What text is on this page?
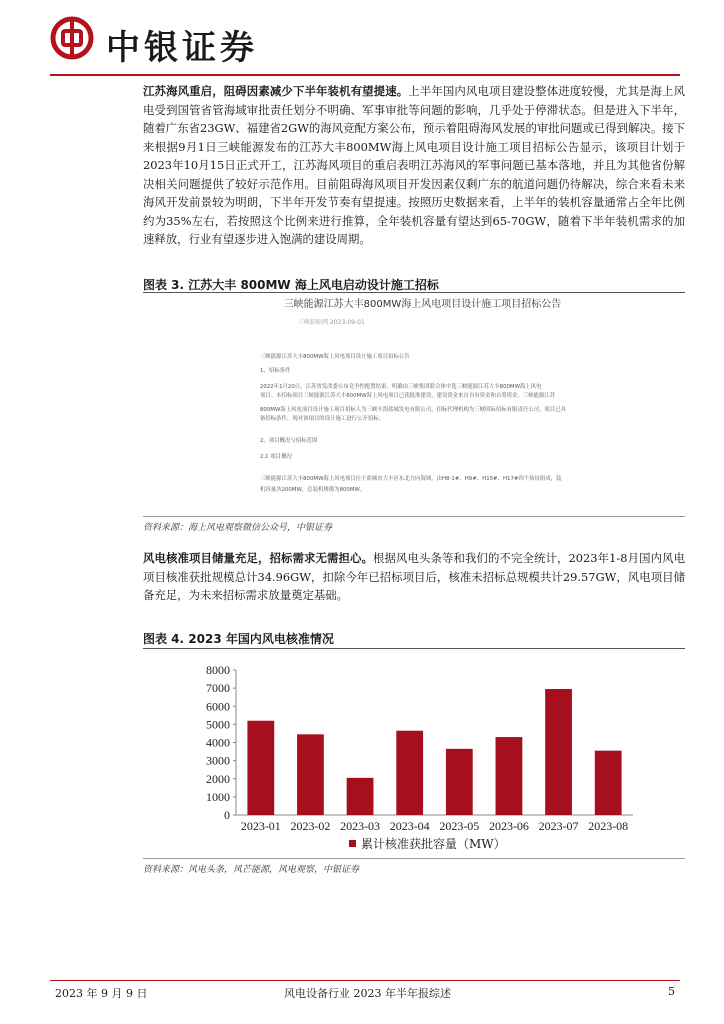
中银证券
江苏海风重启，阻碍因素减少下半年装机有望提速。上半年国内风电项目建设整体进度较慢，尤其是海上风电受到国管省管海域审批责任划分不明确、军事审批等问题的影响，几乎处于停滞状态。但是进入下半年，随着广东省23GW、福建省2GW的海风竞配方案公布，预示着阻碍海风发展的审批问题或已得到解决。接下来根据9月1日三峡能源发布的江苏大丰800MW海上风电项目设计施工项目招标公告显示，该项目计划于2023年10月15日正式开工，江苏海风项目的重启表明江苏海风的军事问题已基本落地，并且为其他省份解决相关问题提供了较好示范作用。目前阻碍海风项目开发因素仅剩广东的航道问题仍待解决，综合来看未来海风开发前景较为明朗，下半年开发节奏有望提速。按照历史数据来看，上半年的装机容量通常占全年比例约为35%左右，若按照这个比例来进行推算，全年装机容量有望达到65-70GW，随着下半年装机需求的加速释放，行业有望逐步进入饱满的建设周期。
图表 3. 江苏大丰 800MW 海上风电启动设计施工招标
三峡能源江苏大丰800MW海上风电项目设计施工项目招标公告
三峡招标网 2023-09-01
三峡能源江苏大丰800MW海上风电项目设计施工项目招标公告
1、招标条件
2022年1月20日，江苏省发改委公布竞争性配置结果，明确由三峡集团联合体中选三峡能源江苏大丰800MW海上风电
项目。本招标项目三峡能源江苏大丰800MW海上风电项目已获批准建设，建设资金来自自有资金和自筹资金，三峡能源江苏
800MW海上风电项目设计施工项目招标人为三峡丰海盐城发电有限公司，招标代理机构为三峡国际招标有限责任公司。项目已具
备招标条件，现对该项目的设计施工进行公开招标。
2、项目概况与招标范围
2.1 项目概况
三峡能源江苏大丰800MW海上风电项目位于盐城市大丰区东北方向海域，由H8-1#、H9#、H15#、H17#四个场址组成，装
机容量各200MW，总装机规模为800MW。
资料来源：海上风电观察微信公众号，中银证券
风电核准项目储量充足，招标需求无需担心。根据风电头条等和我们的不完全统计，2023年1-8月国内风电项目核准获批规模总计34.96GW，扣除今年已招标项目后，核准未招标总规模共计29.57GW，风电项目储备充足，为未来招标需求放量奠定基础。
图表 4. 2023 年国内风电核准情况
0
1000
2000
3000
4000
5000
6000
7000
8000
2023-01 2023-02 2023-03 2023-04 2023-05 2023-06 2023-07 2023-08
累计核准获批容量（MW）
资料来源：风电头条，风芒能源，风电观察，中银证券
2023 年 9 月 9 日	风电设备行业 2023 年半年报综述	5
